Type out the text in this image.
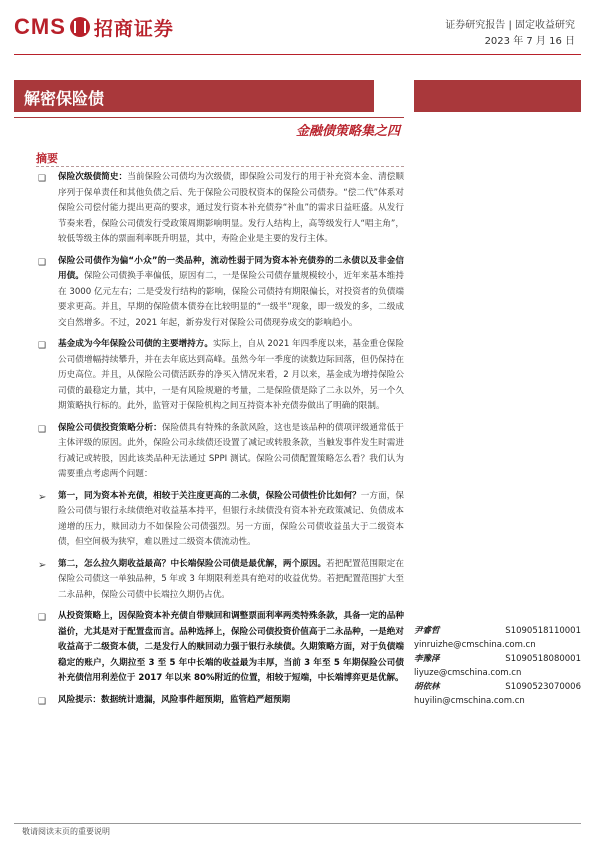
CMS 招商证券	证券研究报告 | 固定收益研究
2023 年 7 月 16 日
解密保险债
金融债策略集之四
摘要
❑ 保险次级债简史：当前保险公司债均为次级债，即保险公司发行的用于补充资本金、清偿顺序列于保单责任和其他负债之后、先于保险公司股权资本的保险公司债券。“偿二代”体系对保险公司偿付能力提出更高的要求，通过发行资本补充债券“补血”的需求日益旺盛。从发行节奏来看，保险公司债发行受政策周期影响明显。发行人结构上，高等级发行人“唱主角”，较低等级主体的票面利率既升明显，其中，寿险企业是主要的发行主体。
❑ 保险公司债作为偏“小众”的一类品种，流动性弱于同为资本补充债券的二永债以及非金信用债。保险公司债换手率偏低，原因有二，一是保险公司债存量规模较小，近年来基本维持在 3000 亿元左右；二是受发行结构的影响，保险公司债持有期限偏长，对投资者的负债端要求更高。并且，早期的保险债本债券在比较明显的“一级半”现象，即一级发的多，二级成交自然增多。不过，2021 年起，新券发行对保险公司债现券成交的影响趋小。
❑ 基金成为今年保险公司债的主要增持方。实际上，自从 2021 年四季度以来，基金重仓保险公司债增幅持续攀升，并在去年底达到高峰。虽然今年一季度的读数边际回落，但仍保持在历史高位。并且，从保险公司债活跃券的净买入情况来看，2 月以来，基金成为增持保险公司债的最稳定力量，其中，一是有风险规避的考量，二是保险债是除了二永以外，另一个久期策略执行标的。此外，监管对于保险机构之间互持资本补充债券做出了明确的限制。
❑ 保险公司债投资策略分析：保险债具有特殊的条款风险，这也是该品种的债项评级通常低于主体评级的原因。此外，保险公司永续债还设置了减记或转股条款，当触发事件发生时需进行减记或转股，因此该类品种无法通过 SPPI 测试。保险公司债配置策略怎么看？我们认为需要重点考虑两个问题：
➢ 第一，同为资本补充债，相较于关注度更高的二永债，保险公司债性价比如何？一方面，保险公司债与银行永续债绝对收益基本持平，但银行永续债没有资本补充政策减记、负债成本递增的压力，赎回动力不如保险公司债强烈。另一方面，保险公司债收益虽大于二级资本债，但空间极为狭窄，难以胜过二级资本债流动性。
➢ 第二，怎么拉久期收益最高？中长端保险公司债是最优解，两个原因。若把配置范围限定在保险公司债这一单独品种，5 年或 3 年期限利差具有绝对的收益优势。若把配置范围扩大至二永品种，保险公司债中长端拉久期仍占优。
❑ 从投资策略上，因保险资本补充债自带赎回和调整票面利率两类特殊条款，具备一定的品种溢价，尤其是对于配置盘而言。品种选择上，保险公司债投资价值高于二永品种，一是绝对收益高于二级资本债，二是发行人的赎回动力强于银行永续债。久期策略方面，对于负债端稳定的账户，久期拉至 3 至 5 年中长端的收益最为丰厚，当前 3 年至 5 年期保险公司债补充债信用利差位于 2017 年以来 80%附近的位置，相较于短端，中长端博弈更是优解。
❑ 风险提示：数据统计遗漏，风险事件超预期，监管趋严超预期
尹睿哲	S1090518110001
yinruizhe@cmschina.com.cn
李豫泽	S1090518080001
liyuze@cmschina.com.cn
胡依林	S1090523070006
huyilin@cmschina.com.cn
敬请阅读末页的重要说明
